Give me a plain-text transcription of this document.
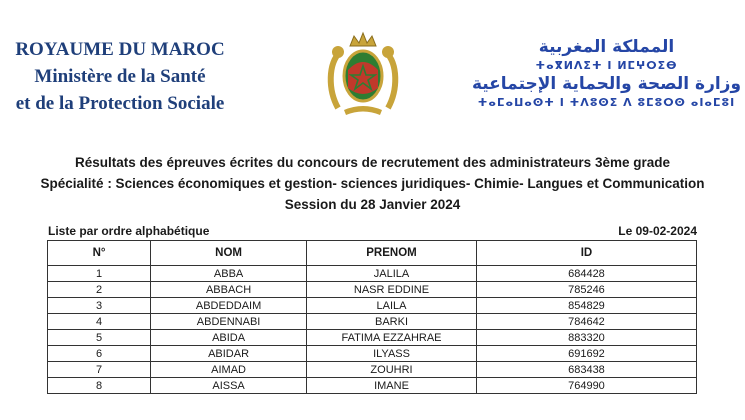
ROYAUME DU MAROC
Ministère de la Santé
et de la Protection Sociale
المملكة المغربية
ⵜⴰⴳⵍⴷⵉⵜ ⵏ ⵍⵎⵖⵔⵉⴱ
وزارة الصحة والحماية الإجتماعية
ⵜⴰⵎⴰⵡⴰⵙⵜ ⵏ ⵜⴷⵓⵙⵉ ⴷ ⵓⵎⵓⵔⵙ ⴰⵏⴰⵎⵓⵏ
Résultats des épreuves écrites du concours de recrutement des administrateurs 3ème grade
Spécialité : Sciences économiques et gestion- sciences juridiques- Chimie- Langues et Communication
Session du 28 Janvier 2024
Liste par ordre alphabétique	Le 09-02-2024
N°	NOM	PRENOM	ID
1	ABBA	JALILA	684428
2	ABBACH	NASR EDDINE	785246
3	ABDEDDAIM	LAILA	854829
4	ABDENNABI	BARKI	784642
5	ABIDA	FATIMA EZZAHRAE	883320
6	ABIDAR	ILYASS	691692
7	AIMAD	ZOUHRI	683438
8	AISSA	IMANE	764990
